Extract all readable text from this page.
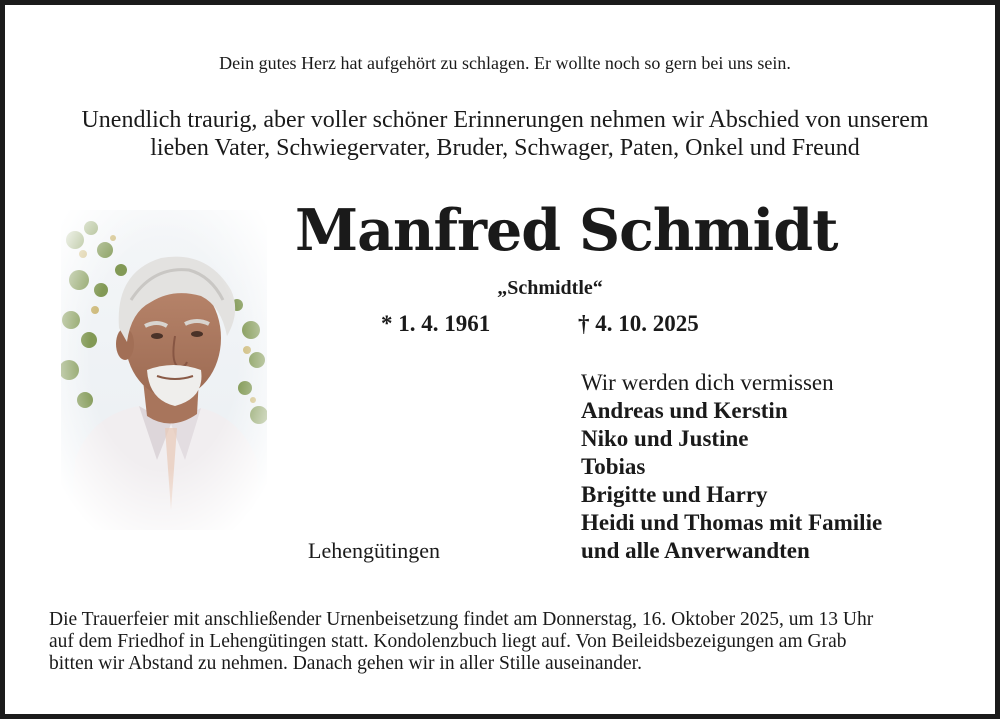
Dein gutes Herz hat aufgehört zu schlagen. Er wollte noch so gern bei uns sein.
Unendlich traurig, aber voller schöner Erinnerungen nehmen wir Abschied von unserem
lieben Vater, Schwiegervater, Bruder, Schwager, Paten, Onkel und Freund
Manfred Schmidt
„Schmidtle“
* 1. 4. 1961	† 4. 10. 2025
Lehengütingen
Wir werden dich vermissen
Andreas und Kerstin
Niko und Justine
Tobias
Brigitte und Harry
Heidi und Thomas mit Familie
und alle Anverwandten
Die Trauerfeier mit anschließender Urnenbeisetzung findet am Donnerstag, 16. Oktober 2025, um 13 Uhr
auf dem Friedhof in Lehengütingen statt. Kondolenzbuch liegt auf. Von Beileidsbezeigungen am Grab
bitten wir Abstand zu nehmen. Danach gehen wir in aller Stille auseinander.
